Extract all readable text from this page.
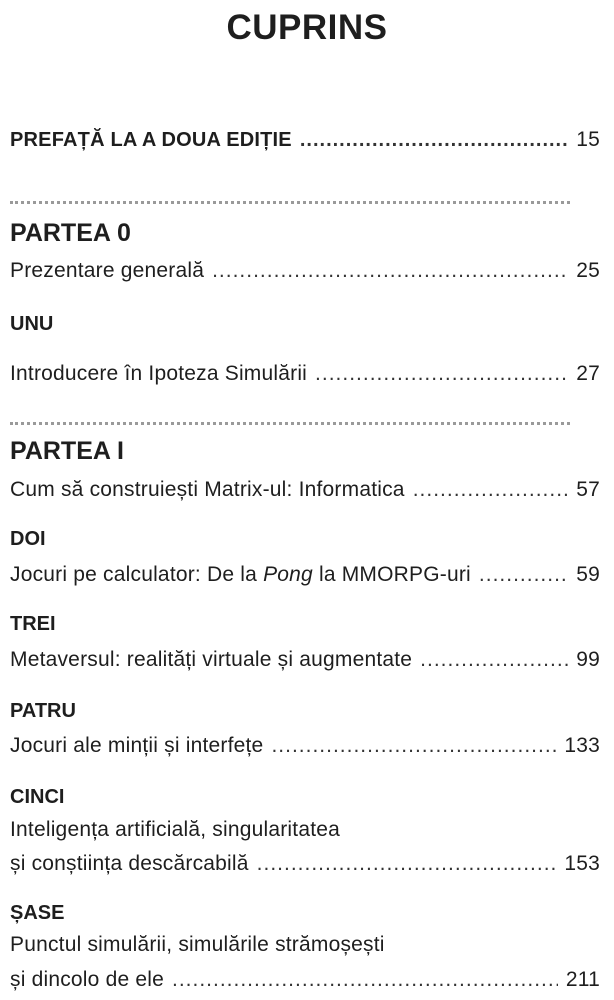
CUPRINS
PREFAȚĂ LA A DOUA EDIȚIE .....	15
PARTEA 0
Prezentare generală .....	25
UNU
Introducere în Ipoteza Simulării .....	27
PARTEA I
Cum să construiești Matrix-ul: Informatica .....	57
DOI
Jocuri pe calculator: De la Pong la MMORPG-uri .....	59
TREI
Metaversul: realități virtuale și augmentate .....	99
PATRU
Jocuri ale minții și interfețe .....	133
CINCI
Inteligența artificială, singularitatea
și conștiința descărcabilă .....	153
ȘASE
Punctul simulării, simulările strămoșești
și dincolo de ele .....	211
